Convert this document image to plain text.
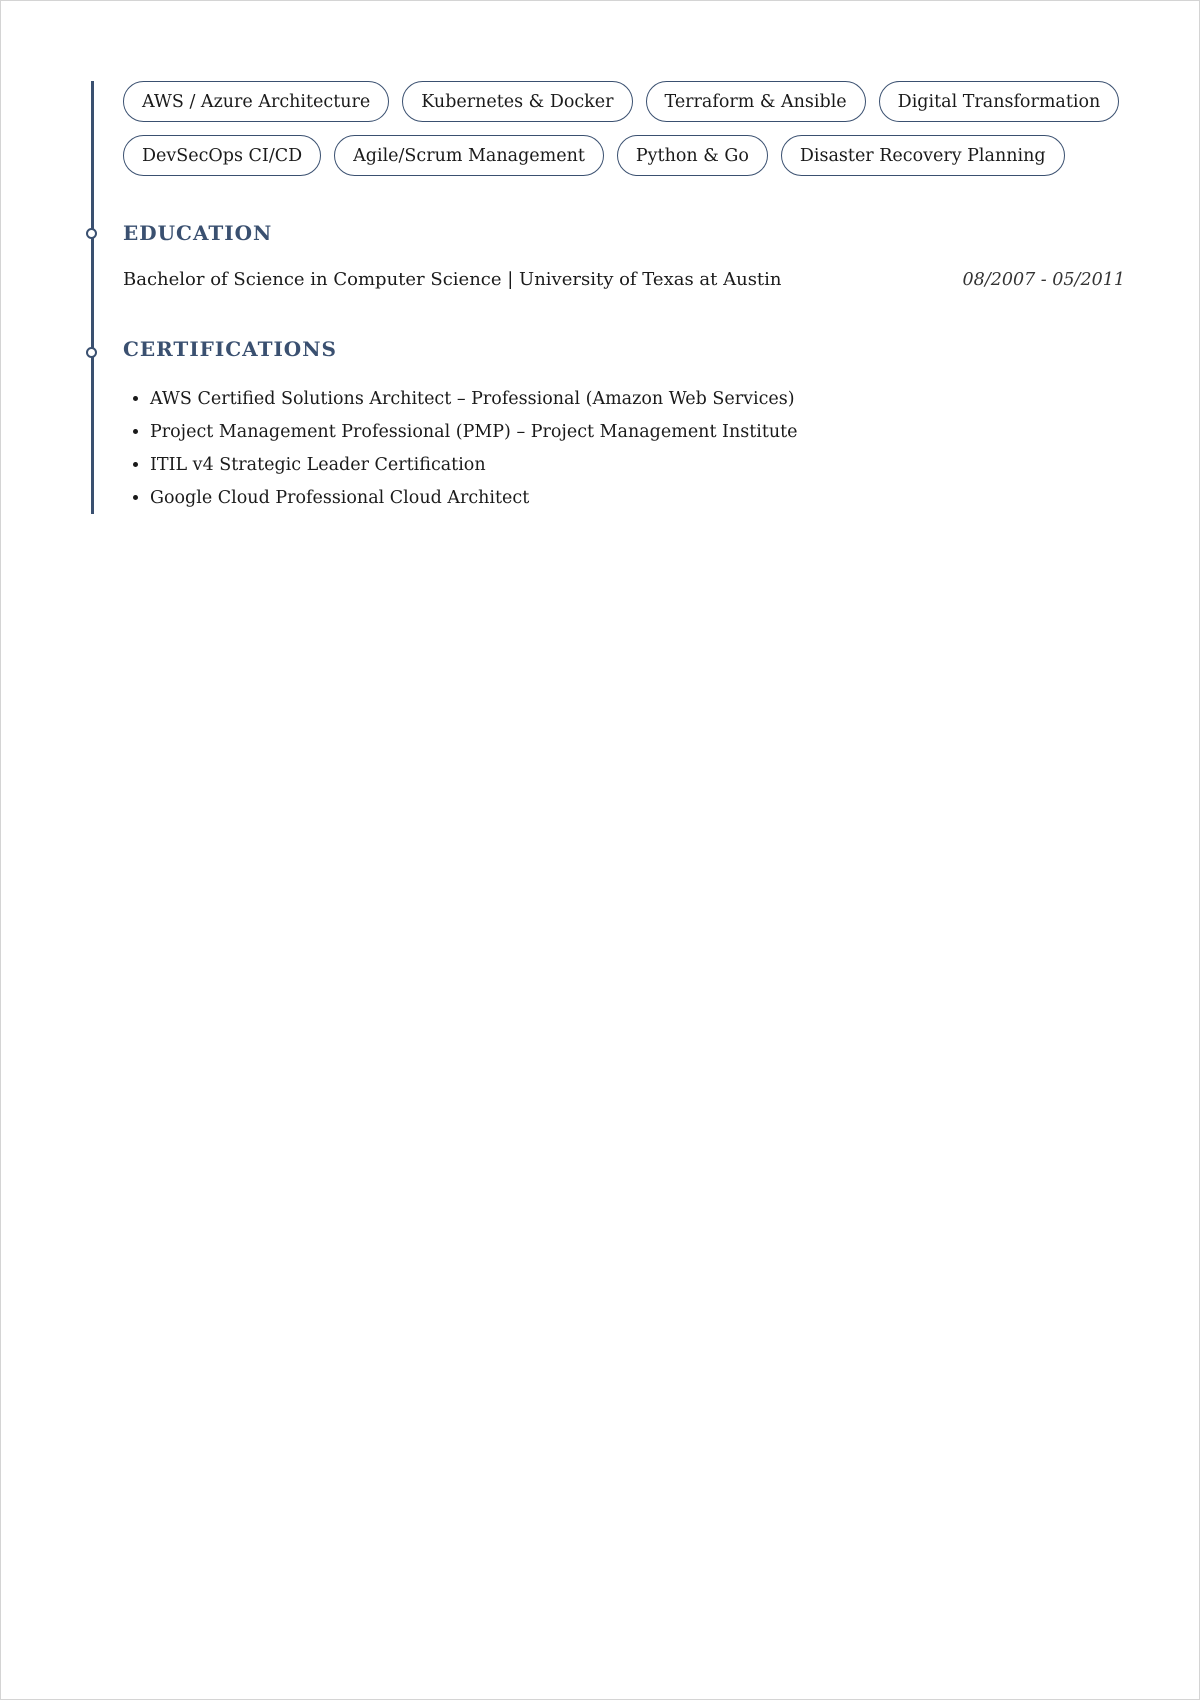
AWS / Azure Architecture	Kubernetes & Docker	Terraform & Ansible	Digital Transformation
DevSecOps CI/CD	Agile/Scrum Management	Python & Go	Disaster Recovery Planning
EDUCATION
Bachelor of Science in Computer Science | University of Texas at Austin	08/2007 - 05/2011
CERTIFICATIONS
• AWS Certified Solutions Architect – Professional (Amazon Web Services)
• Project Management Professional (PMP) – Project Management Institute
• ITIL v4 Strategic Leader Certification
• Google Cloud Professional Cloud Architect
